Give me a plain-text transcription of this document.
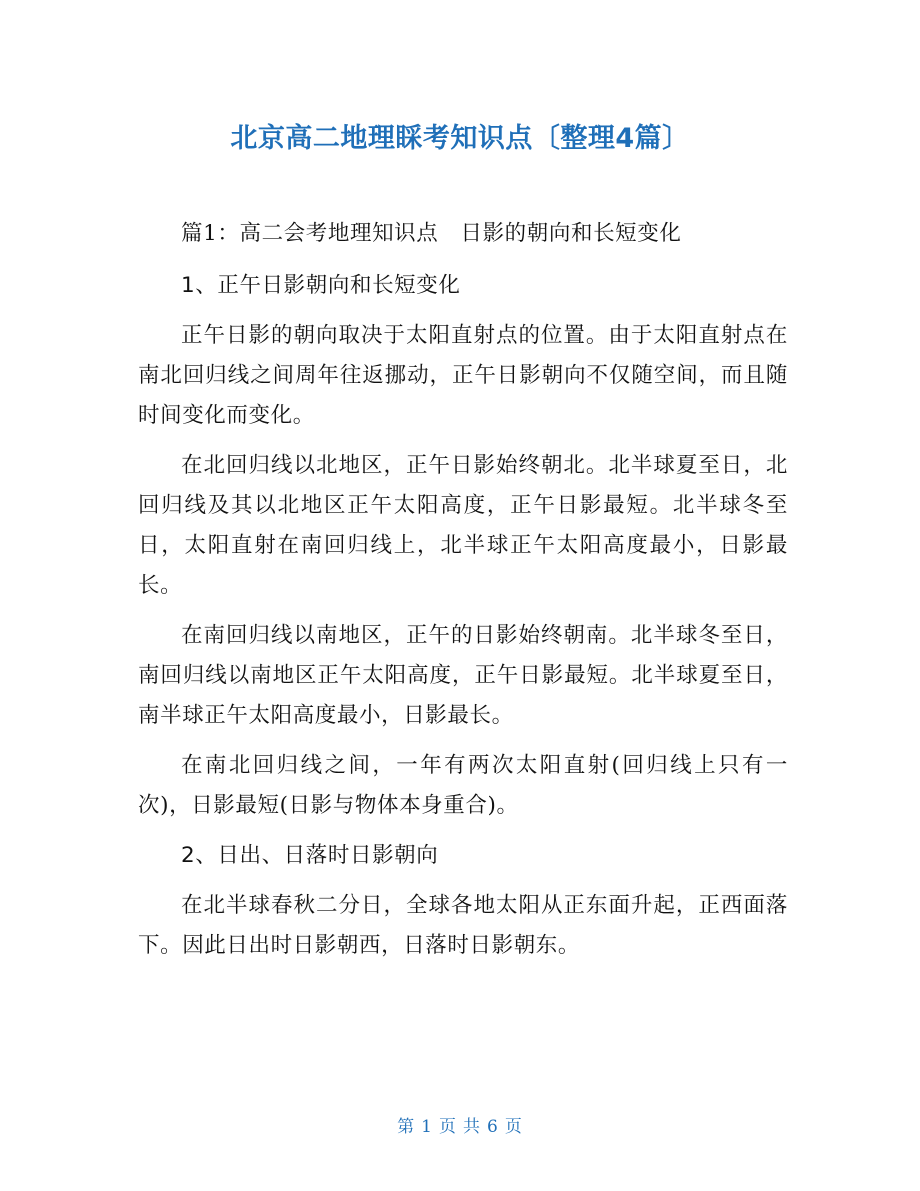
北京高二地理睬考知识点〔整理4篇〕

篇1：高二会考地理知识点　日影的朝向和长短变化

1、正午日影朝向和长短变化

正午日影的朝向取决于太阳直射点的位置。由于太阳直射点在南北回归线之间周年往返挪动，正午日影朝向不仅随空间，而且随时间变化而变化。

在北回归线以北地区，正午日影始终朝北。北半球夏至日，北回归线及其以北地区正午太阳高度，正午日影最短。北半球冬至日，太阳直射在南回归线上，北半球正午太阳高度最小，日影最长。

在南回归线以南地区，正午的日影始终朝南。北半球冬至日，南回归线以南地区正午太阳高度，正午日影最短。北半球夏至日，南半球正午太阳高度最小，日影最长。

在南北回归线之间，一年有两次太阳直射(回归线上只有一次)，日影最短(日影与物体本身重合)。

2、日出、日落时日影朝向

在北半球春秋二分日，全球各地太阳从正东面升起，正西面落下。因此日出时日影朝西，日落时日影朝东。

第 1 页 共 6 页
